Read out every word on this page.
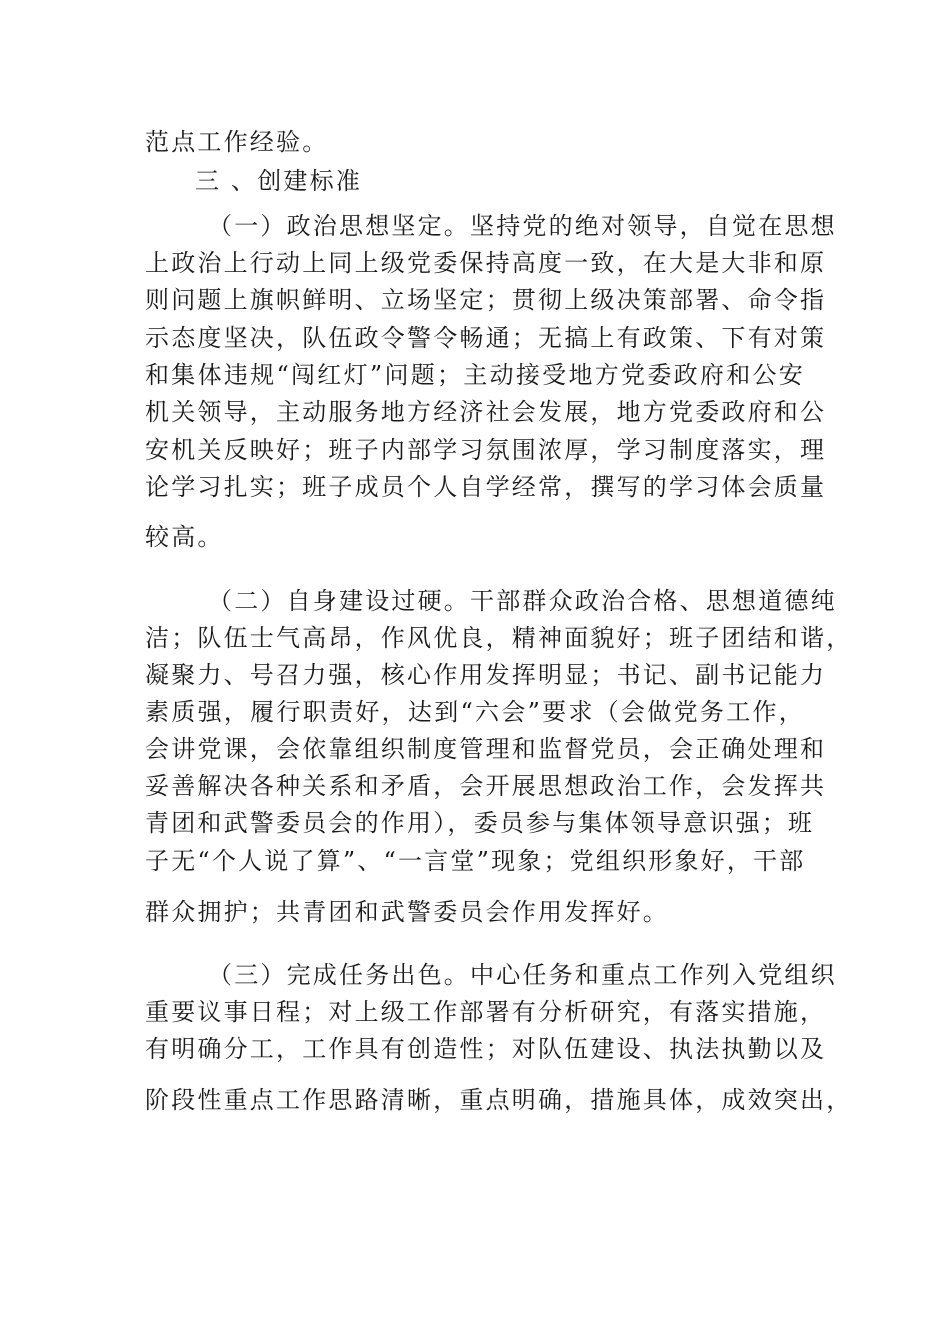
范点工作经验。
三 、创建标准
（一）政治思想坚定。坚持党的绝对领导，自觉在思想
上政治上行动上同上级党委保持高度一致，在大是大非和原
则问题上旗帜鲜明、立场坚定；贯彻上级决策部署、命令指
示态度坚决，队伍政令警令畅通；无搞上有政策、下有对策
和集体违规“闯红灯”问题；主动接受地方党委政府和公安
机关领导，主动服务地方经济社会发展，地方党委政府和公
安机关反映好；班子内部学习氛围浓厚，学习制度落实，理
论学习扎实；班子成员个人自学经常，撰写的学习体会质量
较高。
（二）自身建设过硬。干部群众政治合格、思想道德纯
洁；队伍士气高昂，作风优良，精神面貌好；班子团结和谐，
凝聚力、号召力强，核心作用发挥明显；书记、副书记能力
素质强，履行职责好，达到“六会”要求（会做党务工作，
会讲党课，会依靠组织制度管理和监督党员，会正确处理和
妥善解决各种关系和矛盾，会开展思想政治工作，会发挥共
青团和武警委员会的作用），委员参与集体领导意识强；班
子无“个人说了算”、“一言堂”现象；党组织形象好，干部
群众拥护；共青团和武警委员会作用发挥好。
（三）完成任务出色。中心任务和重点工作列入党组织
重要议事日程；对上级工作部署有分析研究，有落实措施，
有明确分工，工作具有创造性；对队伍建设、执法执勤以及
阶段性重点工作思路清晰，重点明确，措施具体，成效突出，
